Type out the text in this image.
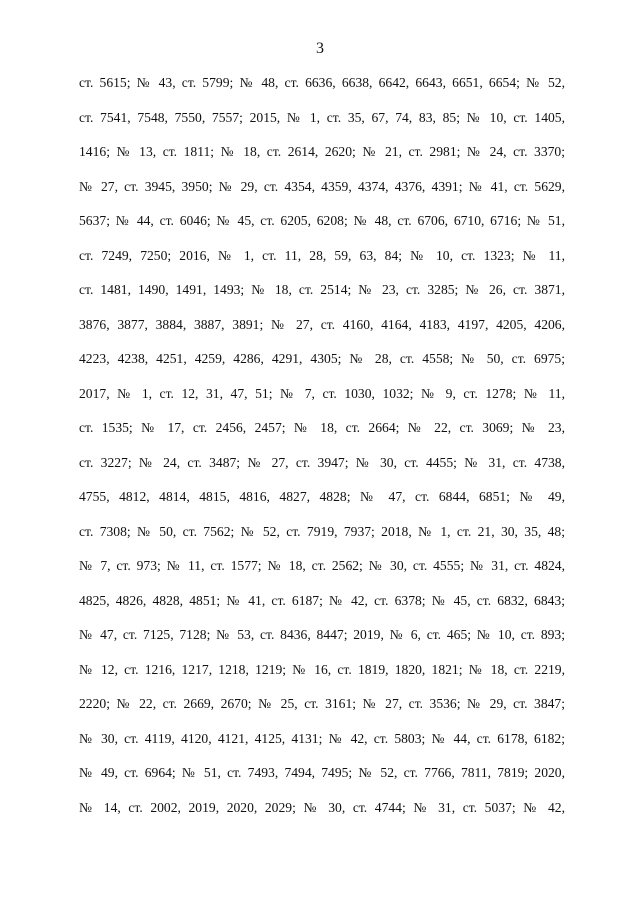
3
ст. 5615; № 43, ст. 5799; № 48, ст. 6636, 6638, 6642, 6643, 6651, 6654; № 52,
ст. 7541, 7548, 7550, 7557; 2015, № 1, ст. 35, 67, 74, 83, 85; № 10, ст. 1405,
1416; № 13, ст. 1811; № 18, ст. 2614, 2620; № 21, ст. 2981; № 24, ст. 3370;
№ 27, ст. 3945, 3950; № 29, ст. 4354, 4359, 4374, 4376, 4391; № 41, ст. 5629,
5637; № 44, ст. 6046; № 45, ст. 6205, 6208; № 48, ст. 6706, 6710, 6716; № 51,
ст. 7249, 7250; 2016, № 1, ст. 11, 28, 59, 63, 84; № 10, ст. 1323; № 11,
ст. 1481, 1490, 1491, 1493; № 18, ст. 2514; № 23, ст. 3285; № 26, ст. 3871,
3876, 3877, 3884, 3887, 3891; № 27, ст. 4160, 4164, 4183, 4197, 4205, 4206,
4223, 4238, 4251, 4259, 4286, 4291, 4305; № 28, ст. 4558; № 50, ст. 6975;
2017, № 1, ст. 12, 31, 47, 51; № 7, ст. 1030, 1032; № 9, ст. 1278; № 11,
ст. 1535; № 17, ст. 2456, 2457; № 18, ст. 2664; № 22, ст. 3069; № 23,
ст. 3227; № 24, ст. 3487; № 27, ст. 3947; № 30, ст. 4455; № 31, ст. 4738,
4755, 4812, 4814, 4815, 4816, 4827, 4828; № 47, ст. 6844, 6851; № 49,
ст. 7308; № 50, ст. 7562; № 52, ст. 7919, 7937; 2018, № 1, ст. 21, 30, 35, 48;
№ 7, ст. 973; № 11, ст. 1577; № 18, ст. 2562; № 30, ст. 4555; № 31, ст. 4824,
4825, 4826, 4828, 4851; № 41, ст. 6187; № 42, ст. 6378; № 45, ст. 6832, 6843;
№ 47, ст. 7125, 7128; № 53, ст. 8436, 8447; 2019, № 6, ст. 465; № 10, ст. 893;
№ 12, ст. 1216, 1217, 1218, 1219; № 16, ст. 1819, 1820, 1821; № 18, ст. 2219,
2220; № 22, ст. 2669, 2670; № 25, ст. 3161; № 27, ст. 3536; № 29, ст. 3847;
№ 30, ст. 4119, 4120, 4121, 4125, 4131; № 42, ст. 5803; № 44, ст. 6178, 6182;
№ 49, ст. 6964; № 51, ст. 7493, 7494, 7495; № 52, ст. 7766, 7811, 7819; 2020,
№ 14, ст. 2002, 2019, 2020, 2029; № 30, ст. 4744; № 31, ст. 5037; № 42,
